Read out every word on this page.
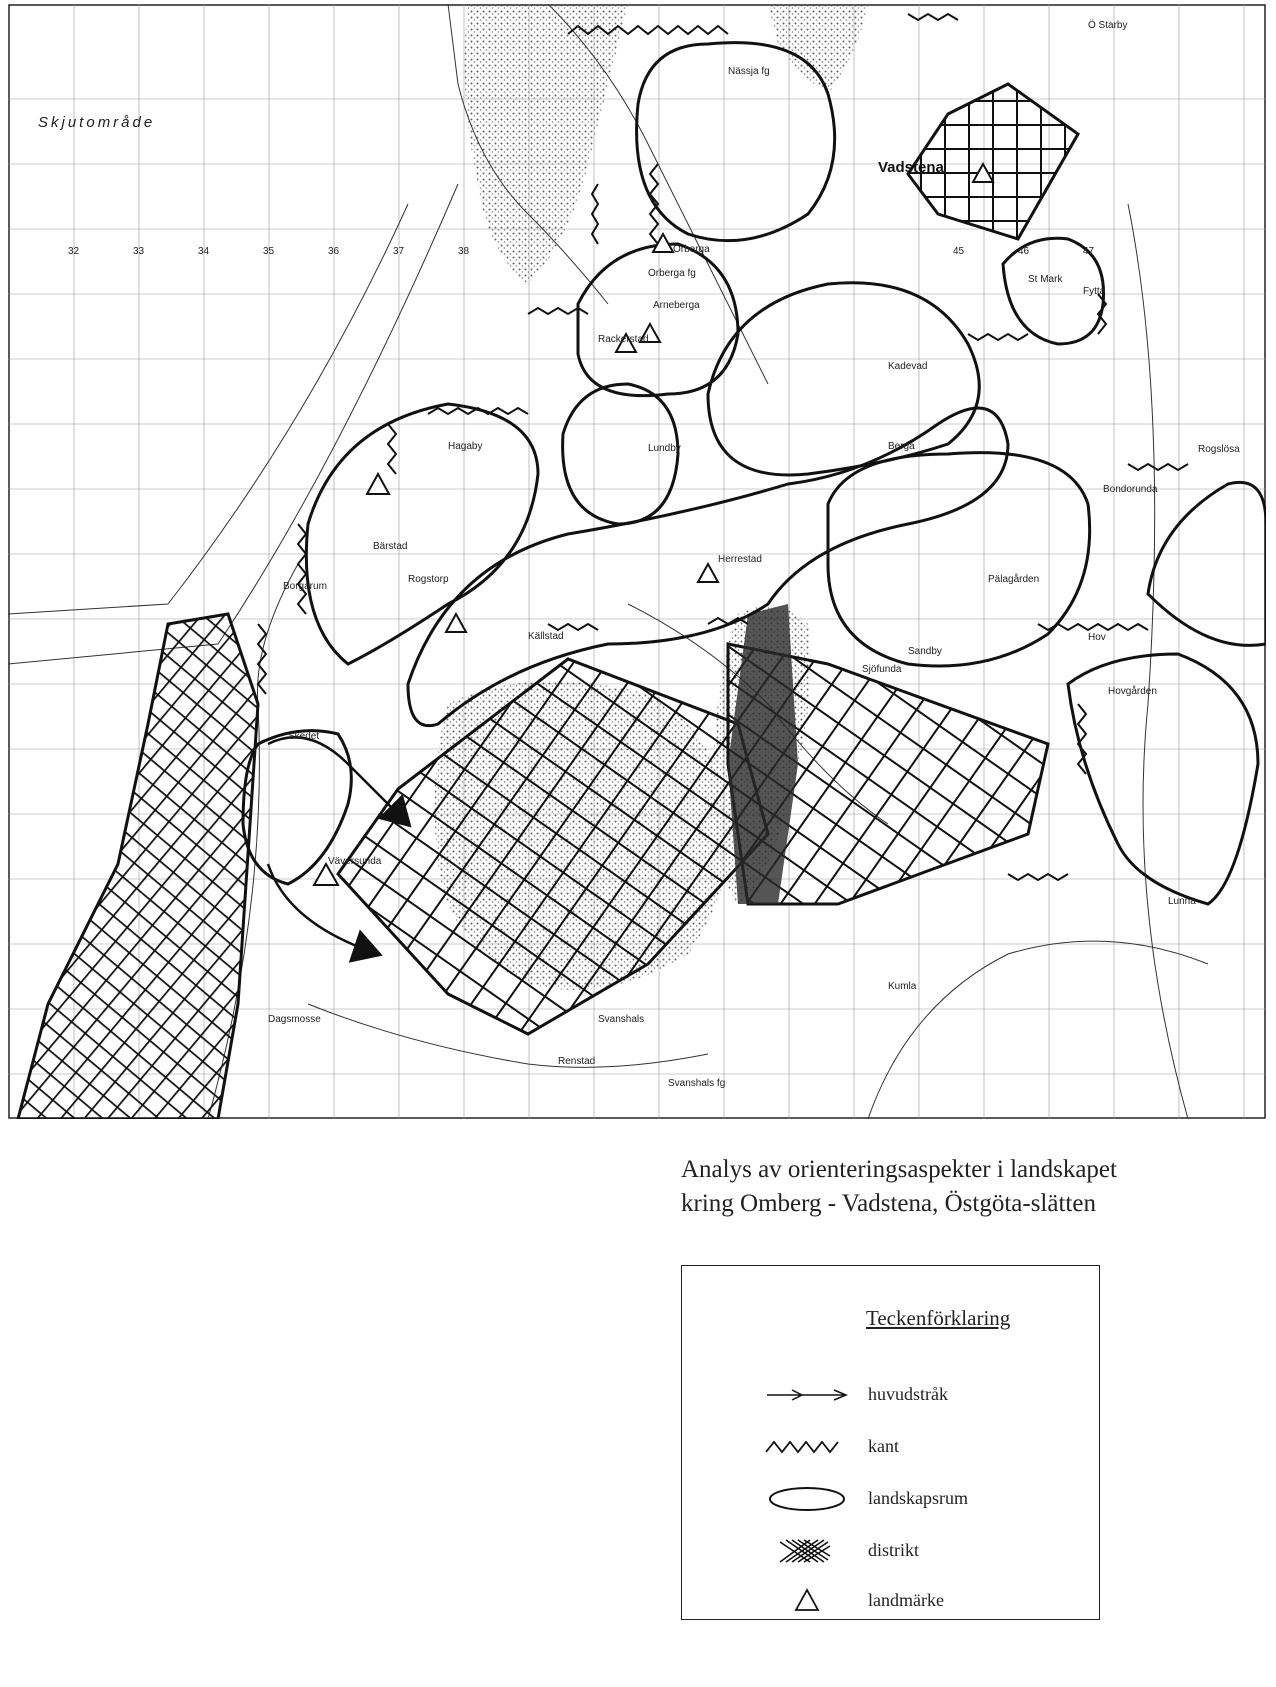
Skjutområde
Vadstena
32	33	34	35	36	37	38	45	46	47
Nässja fg
Orberga
Orberga fg
Arneberga
Rackerstad
Hagaby
Bärstad
Rogstorp
Borgarum
Källstad
Lundby
Herrestad
Skedet
Sjöfunda
Hov
Pälagården
Bondorunda
St Mark
Fytta
Svanshals
Svanshals fg
Renstad
Kumla
Lunna
Väversunda
Dagsmosse
Ö Starby
Rogslösa
Hovgården
Kadevad
Berga
Sandby
Analys av orienteringsaspekter i landskapet
kring Omberg - Vadstena, Östgöta-slätten
Teckenförklaring
huvudstråk
kant
landskapsrum
distrikt
landmärke
